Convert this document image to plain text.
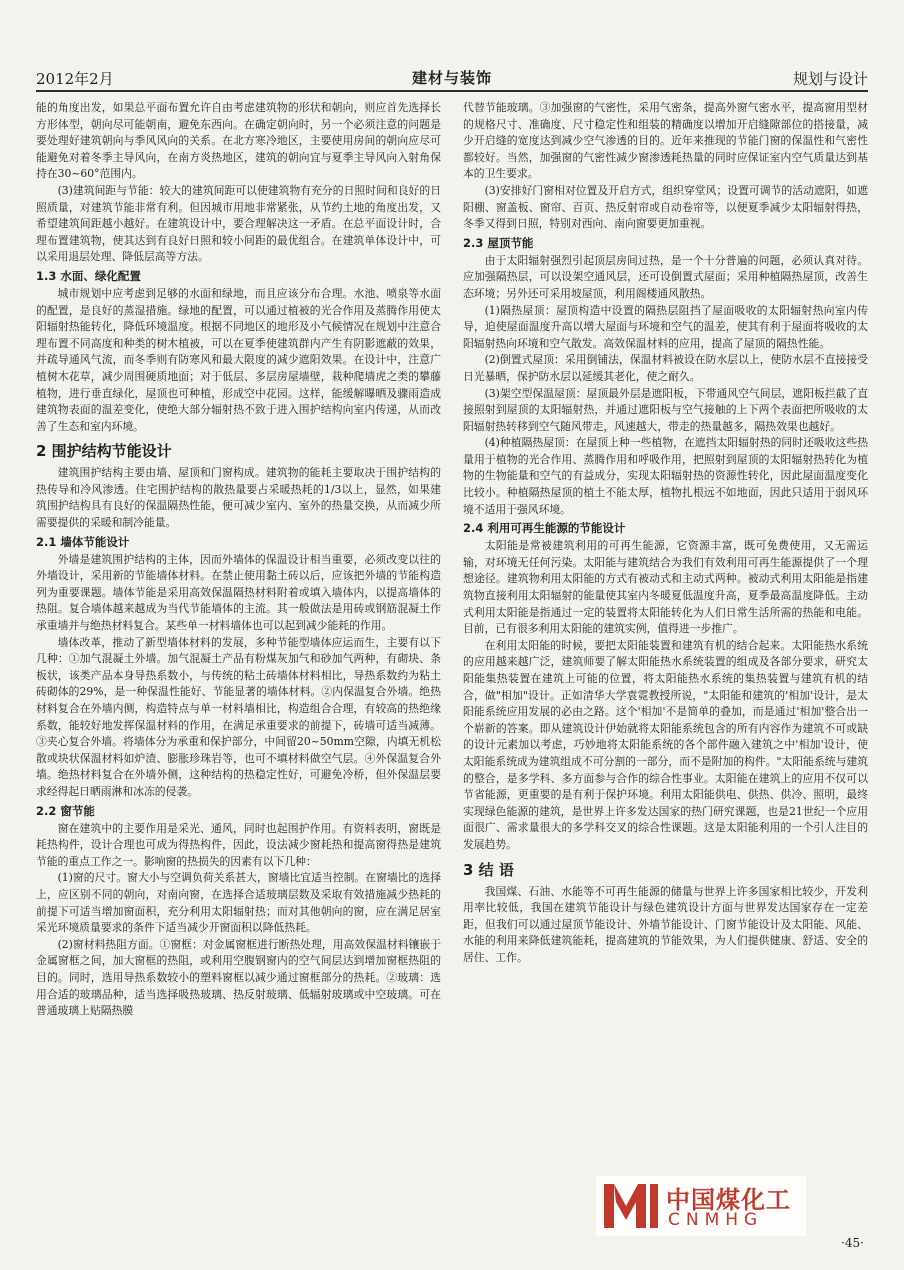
2012年2月	建材与装饰	规划与设计

能的角度出发，如果总平面布置允许自由考虑建筑物的形状和朝向，则应首先选择长方形体型，朝向尽可能朝南，避免东西向。在确定朝向时，另一个必须注意的问题是要处理好建筑朝向与季风风向的关系。在北方寒冷地区，主要使用房间的朝向应尽可能避免对着冬季主导风向，在南方炎热地区，建筑的朝向宜与夏季主导风向入射角保持在30~60°范围内。

(3)建筑间距与节能：较大的建筑间距可以使建筑物有充分的日照时间和良好的日照质量，对建筑节能非常有利。但因城市用地非常紧张，从节约土地的角度出发，又希望建筑间距越小越好。在建筑设计中，要合理解决这一矛盾。在总平面设计时，合理布置建筑物，使其达到有良好日照和较小间距的最优组合。在建筑单体设计中，可以采用退层处理、降低层高等方法。

1.3 水面、绿化配置

城市规划中应考虑到足够的水面和绿地，而且应该分布合理。水池、喷泉等水面的配置，是良好的蒸湿措施。绿地的配置，可以通过植被的光合作用及蒸腾作用使太阳辐射热能转化，降低环境温度。根据不同地区的地形及小气候情况在规划中注意合理布置不同高度和种类的树木植被，可以在夏季使建筑群内产生有阴影遮蔽的效果，并疏导通风气流，而冬季则有防寒风和最大限度的减少遮阳效果。在设计中，注意广植树木花草，减少周围硬质地面；对于低层、多层房屋墙壁，栽种爬墙虎之类的攀藤植物，进行垂直绿化，屋顶也可种植，形成空中花园。这样，能缓解曝晒及骤雨造成建筑物表面的温差变化，使绝大部分辐射热不致于进入围护结构向室内传递，从而改善了生态和室内环境。

2 围护结构节能设计

建筑围护结构主要由墙、屋顶和门窗构成。建筑物的能耗主要取决于围护结构的热传导和冷风渗透。住宅围护结构的散热量要占采暖热耗的1/3以上，显然，如果建筑围护结构具有良好的保温隔热性能，便可减少室内、室外的热量交换，从而减少所需要提供的采暖和制冷能量。

2.1 墙体节能设计

外墙是建筑围护结构的主体，因而外墙体的保温设计相当重要，必须改变以往的外墙设计，采用新的节能墙体材料。在禁止使用黏土砖以后，应该把外墙的节能构造列为重要课题。墙体节能是采用高效保温隔热材料附着或填入墙体内，以提高墙体的热阻。复合墙体越来越成为当代节能墙体的主流。其一般做法是用砖或钢筋混凝土作承重墙并与绝热材料复合。某些单一材料墙体也可以起到减少能耗的作用。

墙体改革，推动了新型墙体材料的发展，多种节能型墙体应运而生，主要有以下几种：①加气混凝土外墙。加气混凝土产品有粉煤灰加气和砂加气两种，有砌块、条板状，该类产品本身导热系数小，与传统的粘土砖墙体材料相比，导热系数约为粘土砖砌体的29%，是一种保温性能好、节能显著的墙体材料。②内保温复合外墙。绝热材料复合在外墙内侧，构造特点与单一材料墙相比，构造组合合理，有较高的热绝缘系数，能较好地发挥保温材料的作用，在满足承重要求的前提下，砖墙可适当减薄。③夹心复合外墙。将墙体分为承重和保护部分，中间留20~50mm空隙，内填无机松散或块状保温材料如炉渣、膨胀珍珠岩等，也可不填材料做空气层。④外保温复合外墙。绝热材料复合在外墙外侧，这种结构的热稳定性好，可避免冷桥，但外保温层要求经得起日晒雨淋和冰冻的侵袭。

2.2 窗节能

窗在建筑中的主要作用是采光、通风，同时也起围护作用。有资料表明，窗既是耗热构件，设计合理也可成为得热构件，因此，设法减少窗耗热和提高窗得热是建筑节能的重点工作之一。影响窗的热损失的因素有以下几种：

(1)窗的尺寸。窗大小与空调负荷关系甚大，窗墙比宜适当控制。在窗墙比的选择上，应区别不同的朝向，对南向窗，在选择合适玻璃层数及采取有效措施减少热耗的前提下可适当增加窗面积，充分利用太阳辐射热；而对其他朝向的窗，应在满足居室采光环境质量要求的条件下适当减少开窗面积以降低热耗。

(2)窗材料热阻方面。①窗框：对金属窗框进行断热处理，用高效保温材料镶嵌于金属窗框之间，加大窗框的热阻，或利用空腹钢窗内的空气间层达到增加窗框热阻的目的。同时，选用导热系数较小的塑料窗框以减少通过窗框部分的热耗。②玻璃：选用合适的玻璃品种，适当选择吸热玻璃、热反射玻璃、低辐射玻璃或中空玻璃。可在普通玻璃上贴隔热膜

代替节能玻璃。③加强窗的气密性，采用气密条，提高外窗气密水平，提高窗用型材的规格尺寸、准确度、尺寸稳定性和组装的精确度以增加开启缝隙部位的搭接量，减少开启缝的宽度达到减少空气渗透的目的。近年来推现的节能门窗的保温性和气密性都较好。当然，加强窗的气密性减少窗渗透耗热量的同时应保证室内空气质量达到基本的卫生要求。

(3)安排好门窗相对位置及开启方式，组织穿堂风；设置可调节的活动遮阳，如遮阳棚、窗盖板、窗帘、百页、热反射帘或自动卷帘等，以便夏季减少太阳辐射得热，冬季又得到日照，特别对西向、南向窗要更加重视。

2.3 屋顶节能

由于太阳辐射强烈引起顶层房间过热，是一个十分普遍的问题，必须认真对待。应加强隔热层，可以设架空通风层，还可设倒置式屋面；采用种植隔热屋顶，改善生态环境；另外还可采用坡屋顶，利用阁楼通风散热。

(1)隔热屋顶：屋顶构造中设置的隔热层阻挡了屋面吸收的太阳辐射热向室内传导，迫使屋面温度升高以增大屋面与环境和空气的温差，使其有利于屋面将吸收的太阳辐射热向环境和空气散发。高效保温材料的应用，提高了屋顶的隔热性能。

(2)倒置式屋顶：采用倒铺法，保温材料被设在防水层以上，使防水层不直接接受日光暴晒，保护防水层以延缓其老化，使之耐久。

(3)架空型保温屋顶：屋顶最外层是遮阳板，下带通风空气间层，遮阳板拦截了直接照射到屋顶的太阳辐射热，并通过遮阳板与空气接触的上下两个表面把所吸收的太阳辐射热转移到空气随风带走，风速越大，带走的热量越多，隔热效果也越好。

(4)种植隔热屋顶：在屋顶上种一些植物，在遮挡太阳辐射热的同时还吸收这些热量用于植物的光合作用、蒸腾作用和呼吸作用，把照射到屋顶的太阳辐射热转化为植物的生物能量和空气的有益成分，实现太阳辐射热的资源性转化，因此屋面温度变化比较小。种植隔热屋顶的植土不能太厚，植物扎根远不如地面，因此只适用于弱风环境不适用于强风环境。

2.4 利用可再生能源的节能设计

太阳能是常被建筑利用的可再生能源，它资源丰富，既可免费使用，又无需运输，对环境无任何污染。太阳能与建筑结合为我们有效利用可再生能源提供了一个理想途径。建筑物利用太阳能的方式有被动式和主动式两种。被动式利用太阳能是指建筑物直接利用太阳辐射的能量使其室内冬暖夏低温度升高，夏季最高温度降低。主动式利用太阳能是指通过一定的装置将太阳能转化为人们日常生活所需的热能和电能。目前，已有很多利用太阳能的建筑实例，值得进一步推广。

在利用太阳能的时候，要把太阳能装置和建筑有机的结合起来。太阳能热水系统的应用越来越广泛，建筑师要了解太阳能热水系统装置的组成及各部分要求，研究太阳能集热装置在建筑上可能的位置，将太阳能热水系统的集热装置与建筑有机的结合，做"相加"设计。正如清华大学袁霓教授所说，"太阳能和建筑的'相加'设计，是太阳能系统应用发展的必由之路。这个'相加'不是简单的叠加，而是通过'相加'整合出一个崭新的答案。即从建筑设计伊始就将太阳能系统包含的所有内容作为建筑不可或缺的设计元素加以考虑，巧妙地将太阳能系统的各个部件融入建筑之中'相加'设计，使太阳能系统成为建筑组成不可分割的一部分，而不是附加的构件。"太阳能系统与建筑的整合，是多学科、多方面参与合作的综合性事业。太阳能在建筑上的应用不仅可以节省能源，更重要的是有利于保护环境。利用太阳能供电、供热、供冷、照明，最终实现绿色能源的建筑，是世界上许多发达国家的热门研究课题，也是21世纪一个应用面很广、需求量很大的多学科交叉的综合性课题。这是太阳能利用的一个引人注目的发展趋势。

3 结 语

我国煤、石油、水能等不可再生能源的储量与世界上许多国家相比较少，开发利用率比较低，我国在建筑节能设计与绿色建筑设计方面与世界发达国家存在一定差距，但我们可以通过屋顶节能设计、外墙节能设计、门窗节能设计及太阳能、风能、水能的利用来降低建筑能耗，提高建筑的节能效果，为人们提供健康、舒适、安全的居住、工作。

中国煤化工
CNMHG
·45·
